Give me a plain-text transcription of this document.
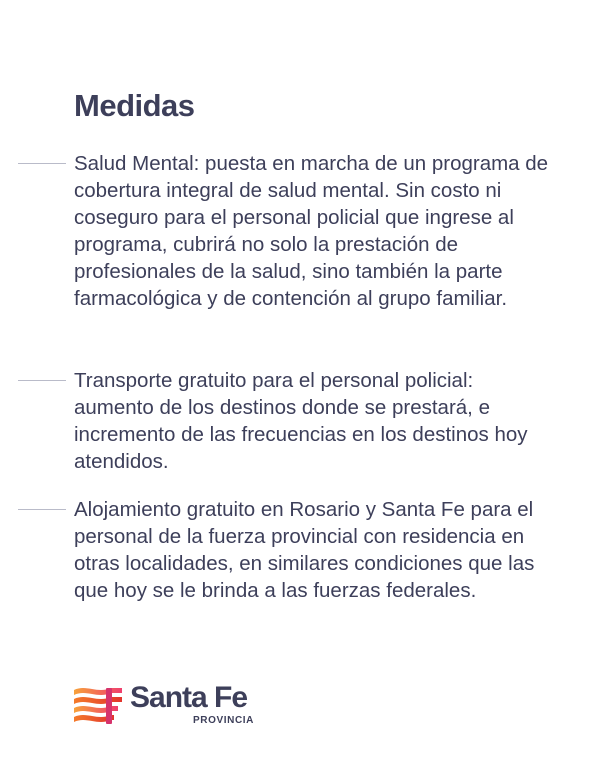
Medidas
Salud Mental: puesta en marcha de un programa de cobertura integral de salud mental. Sin costo ni coseguro para el personal policial que ingrese al programa, cubrirá no solo la prestación de profesionales de la salud, sino también la parte farmacológica y de contención al grupo familiar.
Transporte gratuito para el personal policial: aumento de los destinos donde se prestará, e incremento de las frecuencias en los destinos hoy atendidos.
Alojamiento gratuito en Rosario y Santa Fe para el personal de la fuerza provincial con residencia en otras localidades, en similares condiciones que las que hoy se le brinda a las fuerzas federales.
Santa Fe
PROVINCIA
